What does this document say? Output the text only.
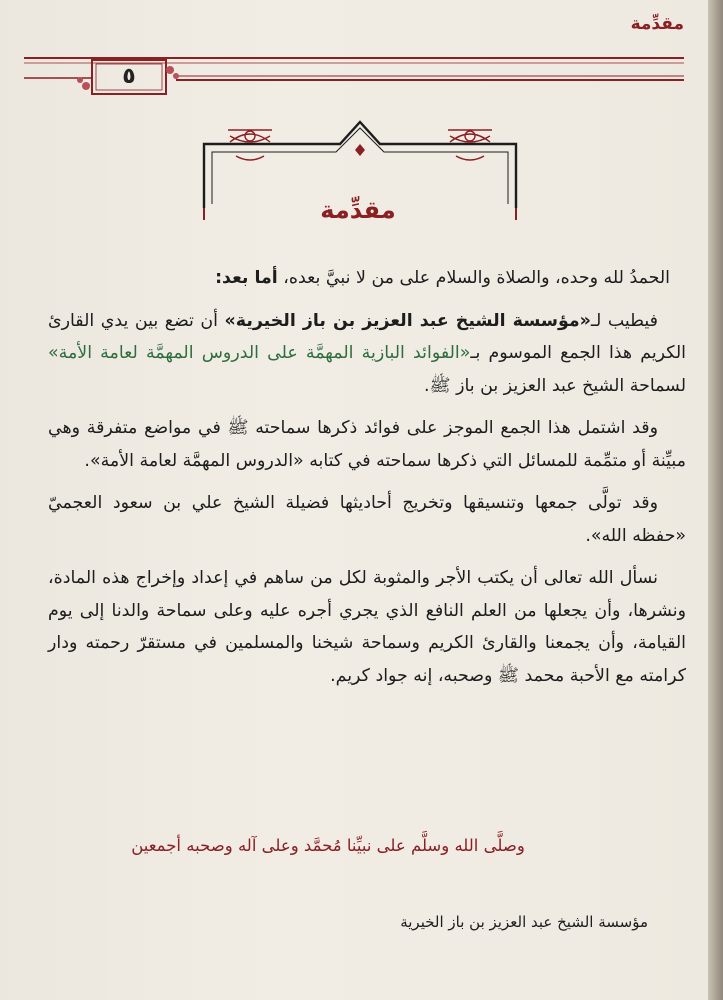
مقدِّمة
٥
مقدِّمة

الحمدُ لله وحده، والصلاة والسلام على من لا نبيَّ بعده، أما بعد:

فيطيب لـ«مؤسسة الشيخ عبد العزيز بن باز الخيرية» أن تضع بين يدي القارئ الكريم هذا الجمع الموسوم بـ«الفوائد البازية المهمَّة على الدروس المهمَّة لعامة الأمة» لسماحة الشيخ عبد العزيز بن باز ﷺ.

وقد اشتمل هذا الجمع الموجز على فوائد ذكرها سماحته ﷺ في مواضع متفرقة وهي مبيِّنة أو متمِّمة للمسائل التي ذكرها سماحته في كتابه «الدروس المهمَّة لعامة الأمة».

وقد تولَّى جمعها وتنسيقها وتخريج أحاديثها فضيلة الشيخ علي بن سعود العجميّ «حفظه الله».

نسأل الله تعالى أن يكتب الأجر والمثوبة لكل من ساهم في إعداد وإخراج هذه المادة، ونشرها، وأن يجعلها من العلم النافع الذي يجري أجره عليه وعلى سماحة والدنا إلى يوم القيامة، وأن يجمعنا والقارئ الكريم وسماحة شيخنا والمسلمين في مستقرّ رحمته ودار كرامته مع الأحبة محمد ﷺ وصحبه، إنه جواد كريم.

وصلَّى الله وسلَّم على نبيِّنا مُحمَّد وعلى آله وصحبه أجمعين
مؤسسة الشيخ عبد العزيز بن باز الخيرية
